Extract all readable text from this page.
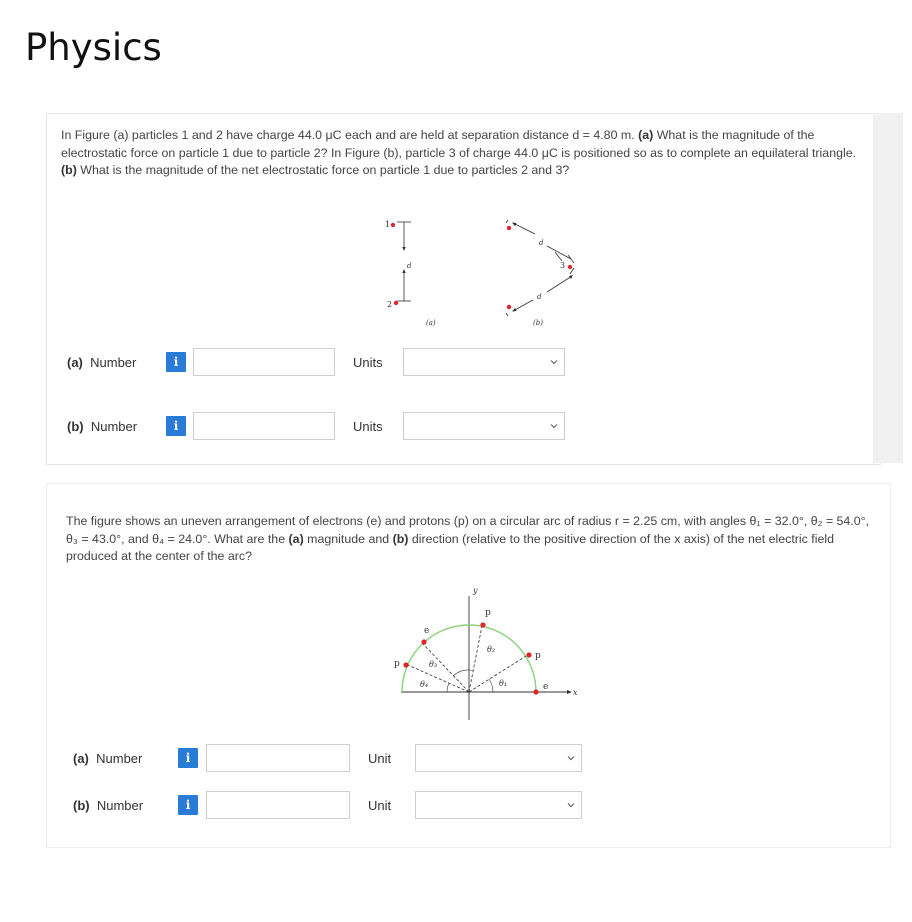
Physics

In Figure (a) particles 1 and 2 have charge 44.0 μC each and are held at separation distance d = 4.80 m. (a) What is the magnitude of the electrostatic force on particle 1 due to particle 2? In Figure (b), particle 3 of charge 44.0 μC is positioned so as to complete an equilateral triangle. (b) What is the magnitude of the net electrostatic force on particle 1 due to particles 2 and 3?

1
d
2
(a)
3
d
d
(b)
(a) Number	i	Units
(b) Number	i	Units

The figure shows an uneven arrangement of electrons (e) and protons (p) on a circular arc of radius r = 2.25 cm, with angles θ₁ = 32.0°, θ₂ = 54.0°, θ₃ = 43.0°, and θ₄ = 24.0°. What are the (a) magnitude and (b) direction (relative to the positive direction of the x axis) of the net electric field produced at the center of the arc?

y
x
p
p
e
p
e
θ₁
θ₂
θ₃
θ₄
(a) Number	i	Unit
(b) Number	i	Unit
